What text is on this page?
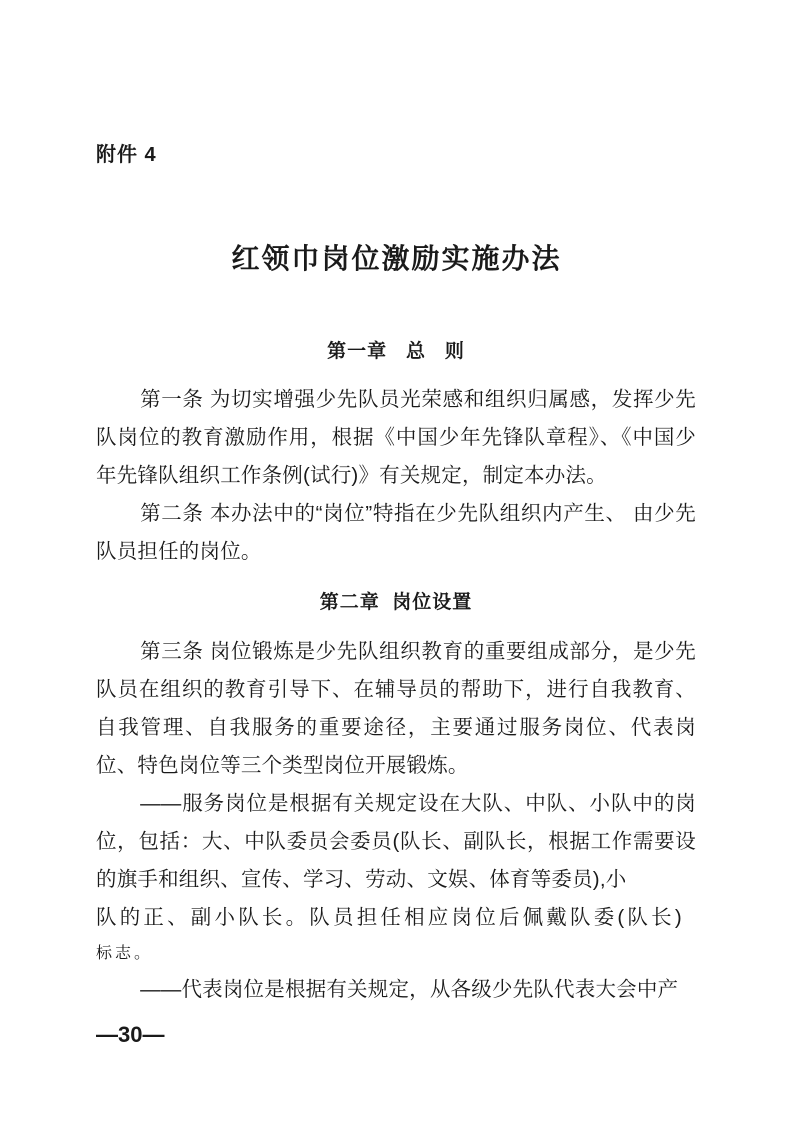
附件 4
红领巾岗位激励实施办法
第一章   总   则

第一条 为切实增强少先队员光荣感和组织归属感，发挥少先队岗位的教育激励作用，根据《中国少年先锋队章程》、《中国少年先锋队组织工作条例(试行)》有关规定，制定本办法。

第二条 本办法中的“岗位”特指在少先队组织内产生、 由少先队员担任的岗位。

第二章  岗位设置

第三条 岗位锻炼是少先队组织教育的重要组成部分，是少先队员在组织的教育引导下、在辅导员的帮助下，进行自我教育、自我管理、自我服务的重要途径，主要通过服务岗位、代表岗位、特色岗位等三个类型岗位开展锻炼。

——服务岗位是根据有关规定设在大队、中队、小队中的岗位，包括：大、中队委员会委员(队长、副队长，根据工作需要设的旗手和组织、宣传、学习、劳动、文娱、体育等委员),小

队的正、副小队长。队员担任相应岗位后佩戴队委(队长)

标志。

——代表岗位是根据有关规定，从各级少先队代表大会中产

—30—
